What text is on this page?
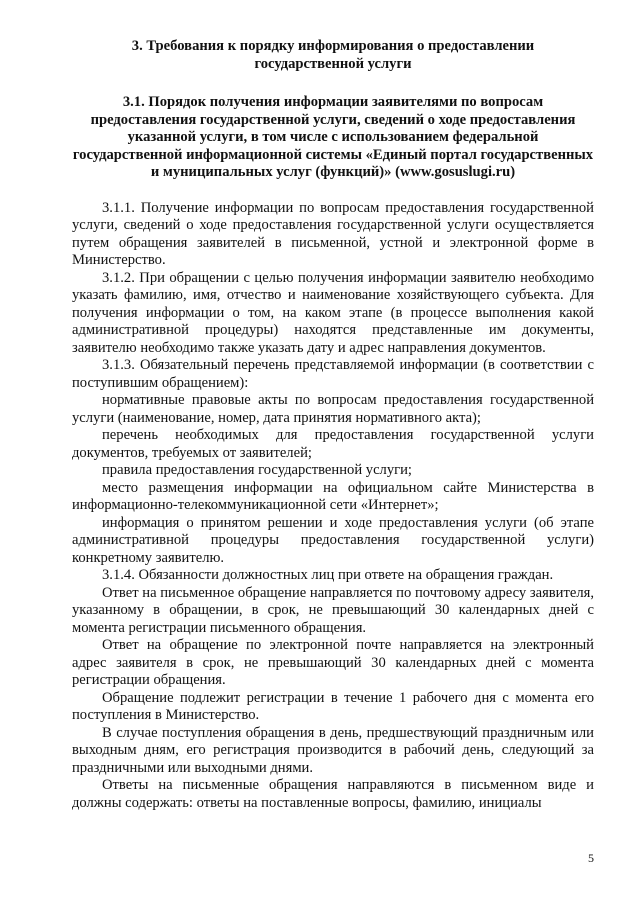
3. Требования к порядку информирования о предоставлении государственной услуги
3.1. Порядок получения информации заявителями по вопросам предоставления государственной услуги, сведений о ходе предоставления указанной услуги, в том числе с использованием федеральной государственной информационной системы «Единый портал государственных и муниципальных услуг (функций)» (www.gosuslugi.ru)

3.1.1. Получение информации по вопросам предоставления государственной услуги, сведений о ходе предоставления государственной услуги осуществляется путем обращения заявителей в письменной, устной и электронной форме в Министерство.

3.1.2. При обращении с целью получения информации заявителю необходимо указать фамилию, имя, отчество и наименование хозяйствующего субъекта. Для получения информации о том, на каком этапе (в процессе выполнения какой административной процедуры) находятся представленные им документы, заявителю необходимо также указать дату и адрес направления документов.

3.1.3. Обязательный перечень представляемой информации (в соответствии с поступившим обращением):

нормативные правовые акты по вопросам предоставления государственной услуги (наименование, номер, дата принятия нормативного акта);

перечень необходимых для предоставления государственной услуги документов, требуемых от заявителей;

правила предоставления государственной услуги;

место размещения информации на официальном сайте Министерства в информационно-телекоммуникационной сети «Интернет»;

информация о принятом решении и ходе предоставления услуги (об этапе административной процедуры предоставления государственной услуги) конкретному заявителю.

3.1.4. Обязанности должностных лиц при ответе на обращения граждан.

Ответ на письменное обращение направляется по почтовому адресу заявителя, указанному в обращении, в срок, не превышающий 30 календарных дней с момента регистрации письменного обращения.

Ответ на обращение по электронной почте направляется на электронный адрес заявителя в срок, не превышающий 30 календарных дней с момента регистрации обращения.

Обращение подлежит регистрации в течение 1 рабочего дня с момента его поступления в Министерство.

В случае поступления обращения в день, предшествующий праздничным или выходным дням, его регистрация производится в рабочий день, следующий за праздничными или выходными днями.

Ответы на письменные обращения направляются в письменном виде и должны содержать: ответы на поставленные вопросы, фамилию, инициалы

5
